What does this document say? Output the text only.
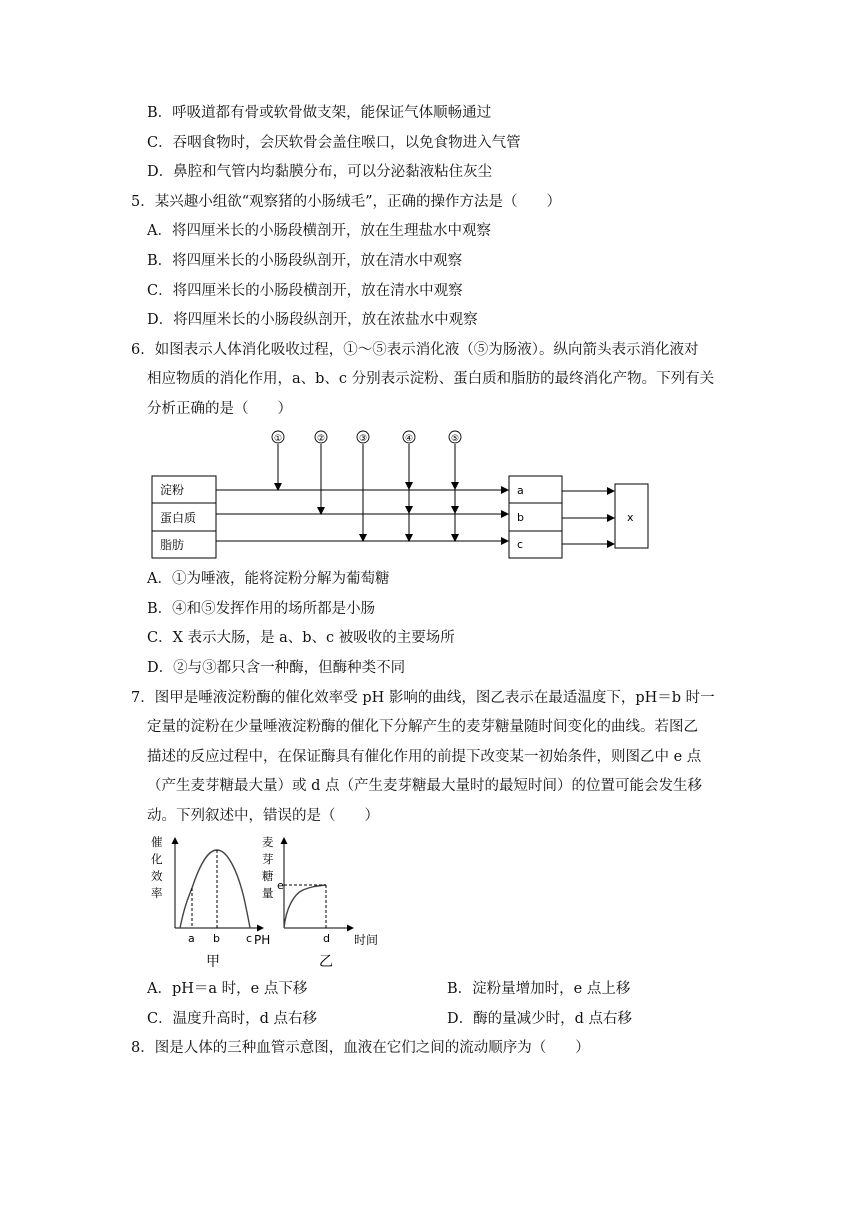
B．呼吸道都有骨或软骨做支架，能保证气体顺畅通过
C．吞咽食物时，会厌软骨会盖住喉口，以免食物进入气管
D．鼻腔和气管内均黏膜分布，可以分泌黏液粘住灰尘
5．某兴趣小组欲“观察猪的小肠绒毛”，正确的操作方法是（　　）
A．将四厘米长的小肠段横剖开，放在生理盐水中观察
B．将四厘米长的小肠段纵剖开，放在清水中观察
C．将四厘米长的小肠段横剖开，放在清水中观察
D．将四厘米长的小肠段纵剖开，放在浓盐水中观察
6．如图表示人体消化吸收过程，①～⑤表示消化液（⑤为肠液）。纵向箭头表示消化液对
相应物质的消化作用，a、b、c 分别表示淀粉、蛋白质和脂肪的最终消化产物。下列有关
分析正确的是（　　）
①	②	③	④	⑤
淀粉
蛋白质
脂肪
a
b
c
x
A．①为唾液，能将淀粉分解为葡萄糖
B．④和⑤发挥作用的场所都是小肠
C．X 表示大肠，是 a、b、c 被吸收的主要场所
D．②与③都只含一种酶，但酶种类不同
7．图甲是唾液淀粉酶的催化效率受 pH 影响的曲线，图乙表示在最适温度下，pH＝b 时一
定量的淀粉在少量唾液淀粉酶的催化下分解产生的麦芽糖量随时间变化的曲线。若图乙
描述的反应过程中，在保证酶具有催化作用的前提下改变某一初始条件，则图乙中 e 点
（产生麦芽糖最大量）或 d 点（产生麦芽糖最大量时的最短时间）的位置可能会发生移
动。下列叙述中，错误的是（　　）
催
化
效
率
a b c PH
甲
麦
芽
糖
量
e
d 时间
乙
A．pH＝a 时，e 点下移	B．淀粉量增加时，e 点上移
C．温度升高时，d 点右移	D．酶的量减少时，d 点右移
8．图是人体的三种血管示意图，血液在它们之间的流动顺序为（　　）
